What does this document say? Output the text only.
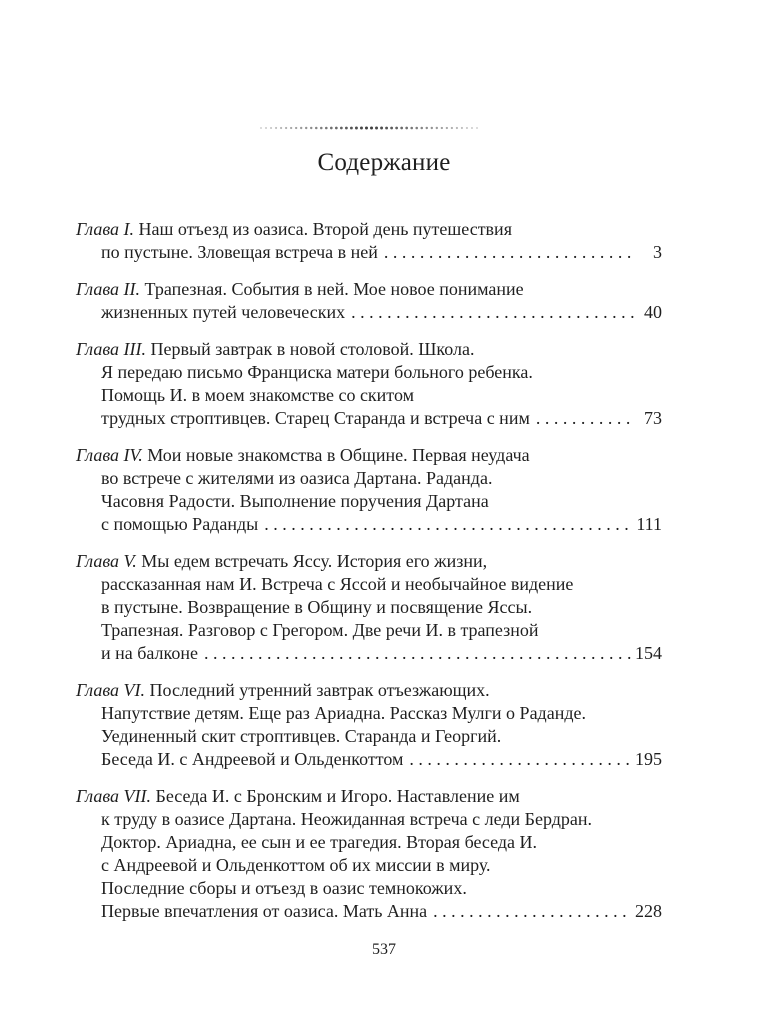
Содержание
Глава I. Наш отъезд из оазиса. Второй день путешествия
по пустыне. Зловещая встреча в ней . . .	3
Глава II. Трапезная. События в ней. Мое новое понимание
жизненных путей человеческих . . .	40
Глава III. Первый завтрак в новой столовой. Школа.
Я передаю письмо Франциска матери больного ребенка.
Помощь И. в моем знакомстве со скитом
трудных строптивцев. Старец Старанда и встреча с ним . . .	73
Глава IV. Мои новые знакомства в Общине. Первая неудача
во встрече с жителями из оазиса Дартана. Раданда.
Часовня Радости. Выполнение поручения Дартана
с помощью Раданды . . .	111
Глава V. Мы едем встречать Яссу. История его жизни,
рассказанная нам И. Встреча с Яссой и необычайное видение
в пустыне. Возвращение в Общину и посвящение Яссы.
Трапезная. Разговор с Грегором. Две речи И. в трапезной
и на балконе . . .	154
Глава VI. Последний утренний завтрак отъезжающих.
Напутствие детям. Еще раз Ариадна. Рассказ Мулги о Раданде.
Уединенный скит строптивцев. Старанда и Георгий.
Беседа И. с Андреевой и Ольденкоттом . . .	195
Глава VII. Беседа И. с Бронским и Игоро. Наставление им
к труду в оазисе Дартана. Неожиданная встреча с леди Бердран.
Доктор. Ариадна, ее сын и ее трагедия. Вторая беседа И.
с Андреевой и Ольденкоттом об их миссии в миру.
Последние сборы и отъезд в оазис темнокожих.
Первые впечатления от оазиса. Мать Анна . . .	228
537
